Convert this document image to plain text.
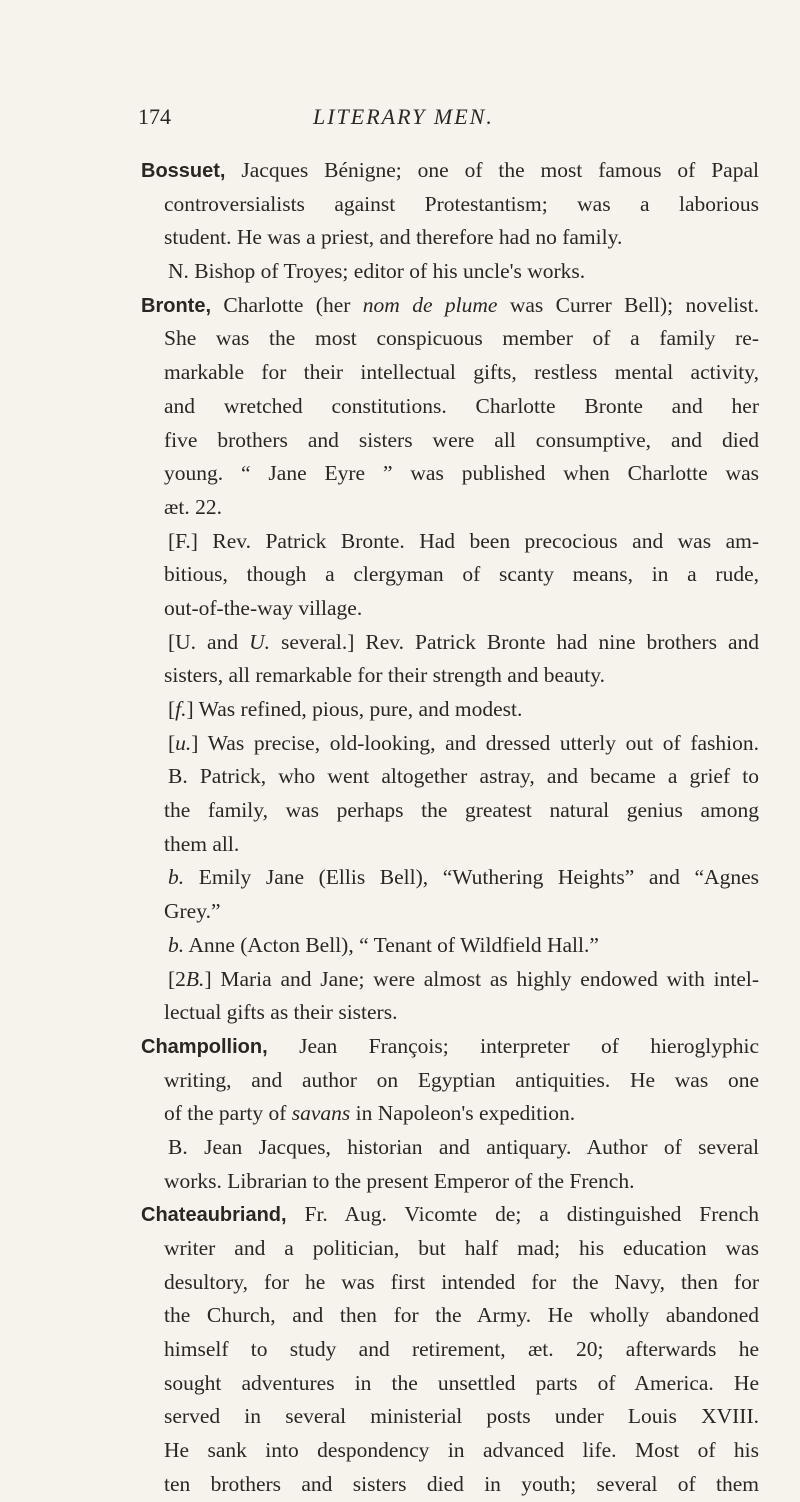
174	LITERARY MEN.
Bossuet, Jacques Bénigne; one of the most famous of Papal
controversialists against Protestantism; was a laborious
student. He was a priest, and therefore had no family.
N. Bishop of Troyes; editor of his uncle's works.
Bronte, Charlotte (her nom de plume was Currer Bell); novelist.
She was the most conspicuous member of a family re-
markable for their intellectual gifts, restless mental activity,
and wretched constitutions. Charlotte Bronte and her
five brothers and sisters were all consumptive, and died
young. “ Jane Eyre ” was published when Charlotte was
æt. 22.
[F.] Rev. Patrick Bronte. Had been precocious and was am-
bitious, though a clergyman of scanty means, in a rude,
out-of-the-way village.
[U. and U. several.] Rev. Patrick Bronte had nine brothers and
sisters, all remarkable for their strength and beauty.
[f.] Was refined, pious, pure, and modest.
[u.] Was precise, old-looking, and dressed utterly out of fashion.
B. Patrick, who went altogether astray, and became a grief to
the family, was perhaps the greatest natural genius among
them all.
b. Emily Jane (Ellis Bell), “Wuthering Heights” and “Agnes
Grey.”
b. Anne (Acton Bell), “ Tenant of Wildfield Hall.”
[2B.] Maria and Jane; were almost as highly endowed with intel-
lectual gifts as their sisters.
Champollion, Jean François; interpreter of hieroglyphic
writing, and author on Egyptian antiquities. He was one
of the party of savans in Napoleon's expedition.
B. Jean Jacques, historian and antiquary. Author of several
works. Librarian to the present Emperor of the French.
Chateaubriand, Fr. Aug. Vicomte de; a distinguished French
writer and a politician, but half mad; his education was
desultory, for he was first intended for the Navy, then for
the Church, and then for the Army. He wholly abandoned
himself to study and retirement, æt. 20; afterwards he
sought adventures in the unsettled parts of America. He
served in several ministerial posts under Louis XVIII.
He sank into despondency in advanced life. Most of his
ten brothers and sisters died in youth; several of them
